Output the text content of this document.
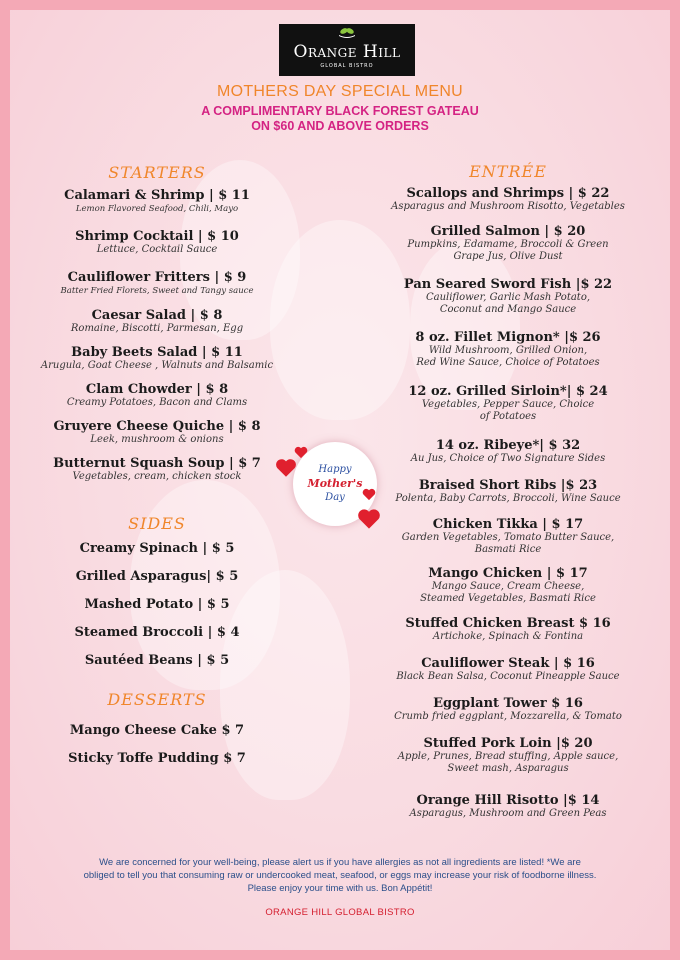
Orange Hill
GLOBAL BISTRO
MOTHERS DAY SPECIAL MENU
A COMPLIMENTARY BLACK FOREST GATEAU
ON $60 AND ABOVE ORDERS
STARTERS
Calamari & Shrimp | $ 11
Lemon Flavored Seafood, Chili, Mayo
Shrimp Cocktail | $ 10
Lettuce, Cocktail Sauce
Cauliflower Fritters | $ 9
Batter Fried Florets, Sweet and Tangy sauce
Caesar Salad | $ 8
Romaine, Biscotti, Parmesan, Egg
Baby Beets Salad | $ 11
Arugula, Goat Cheese , Walnuts and Balsamic
Clam Chowder | $ 8
Creamy Potatoes, Bacon and Clams
Gruyere Cheese Quiche | $ 8
Leek, mushroom & onions
Butternut Squash Soup | $ 7
Vegetables, cream, chicken stock
SIDES
Creamy Spinach | $ 5
Grilled Asparagus| $ 5
Mashed Potato | $ 5
Steamed Broccoli | $ 4
Sautéed Beans | $ 5
DESSERTS
Mango Cheese Cake $ 7
Sticky Toffe Pudding $ 7
Happy
Mother's
Day
ENTRÉE
Scallops and Shrimps | $ 22
Asparagus and Mushroom Risotto, Vegetables
Grilled Salmon | $ 20
Pumpkins, Edamame, Broccoli & Green
Grape Jus, Olive Dust
Pan Seared Sword Fish |$ 22
Cauliflower, Garlic Mash Potato,
Coconut and Mango Sauce
8 oz. Fillet Mignon* |$ 26
Wild Mushroom, Grilled Onion,
Red Wine Sauce, Choice of Potatoes
12 oz. Grilled Sirloin*| $ 24
Vegetables, Pepper Sauce, Choice
of Potatoes
14 oz. Ribeye*| $ 32
Au Jus, Choice of Two Signature Sides
Braised Short Ribs |$ 23
Polenta, Baby Carrots, Broccoli, Wine Sauce
Chicken Tikka | $ 17
Garden Vegetables, Tomato Butter Sauce,
Basmati Rice
Mango Chicken | $ 17
Mango Sauce, Cream Cheese,
Steamed Vegetables, Basmati Rice
Stuffed Chicken Breast $ 16
Artichoke, Spinach & Fontina
Cauliflower Steak | $ 16
Black Bean Salsa, Coconut Pineapple Sauce
Eggplant Tower $ 16
Crumb fried eggplant, Mozzarella, & Tomato
Stuffed Pork Loin |$ 20
Apple, Prunes, Bread stuffing, Apple sauce,
Sweet mash, Asparagus
Orange Hill Risotto |$ 14
Asparagus, Mushroom and Green Peas
We are concerned for your well-being, please alert us if you have allergies as not all ingredients are listed! *We are
obliged to tell you that consuming raw or undercooked meat, seafood, or eggs may increase your risk of foodborne illness.
Please enjoy your time with us. Bon Appétit!
ORANGE HILL GLOBAL BISTRO
